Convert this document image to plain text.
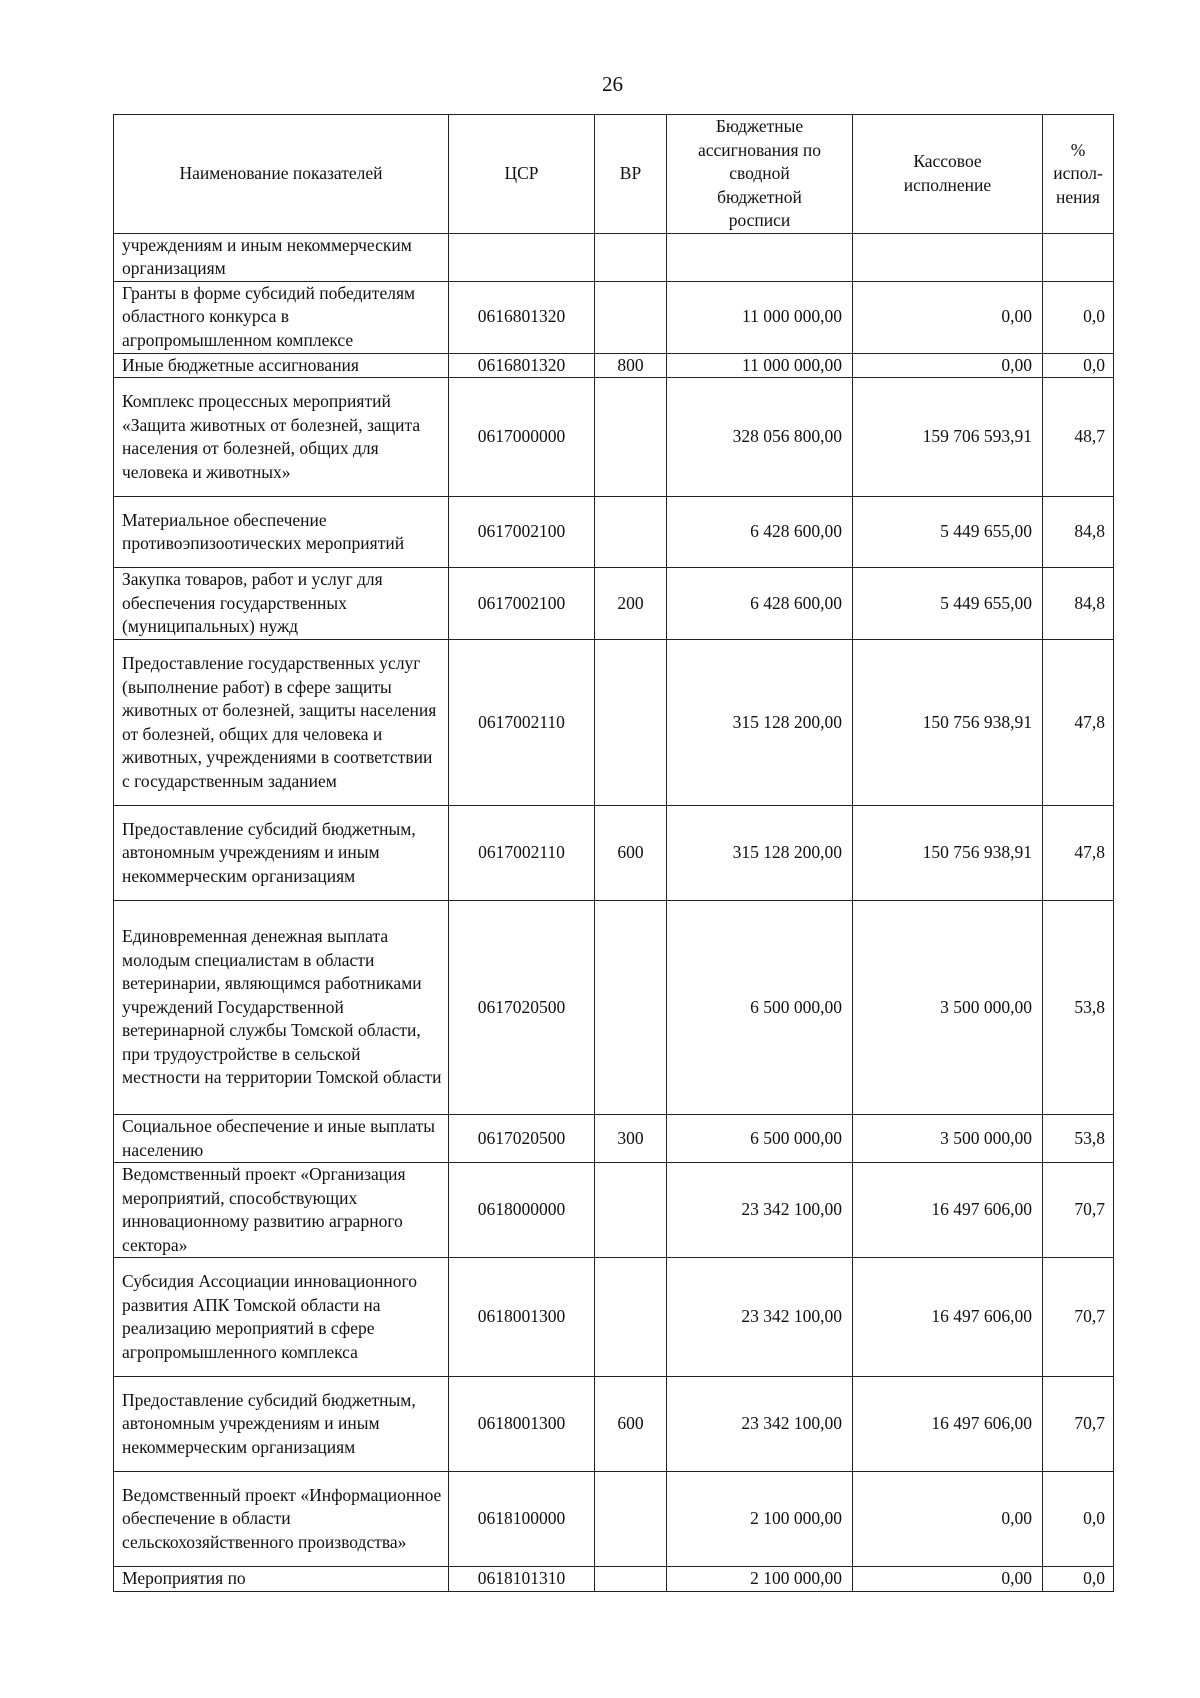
26
Наименование показателей	ЦСР	ВР	Бюджетные ассигнования по сводной бюджетной росписи	Кассовое исполнение	% испол-нения
учреждениям и иным некоммерческим организациям					
Гранты в форме субсидий победителям областного конкурса в агропромышленном комплексе	0616801320		11 000 000,00	0,00	0,0
Иные бюджетные ассигнования	0616801320	800	11 000 000,00	0,00	0,0
Комплекс процессных мероприятий «Защита животных от болезней, защита населения от болезней, общих для человека и животных»	0617000000		328 056 800,00	159 706 593,91	48,7
Материальное обеспечение противоэпизоотических мероприятий	0617002100		6 428 600,00	5 449 655,00	84,8
Закупка товаров, работ и услуг для обеспечения государственных (муниципальных) нужд	0617002100	200	6 428 600,00	5 449 655,00	84,8
Предоставление государственных услуг (выполнение работ) в сфере защиты животных от болезней, защиты населения от болезней, общих для человека и животных, учреждениями в соответствии с государственным заданием	0617002110		315 128 200,00	150 756 938,91	47,8
Предоставление субсидий бюджетным, автономным учреждениям и иным некоммерческим организациям	0617002110	600	315 128 200,00	150 756 938,91	47,8
Единовременная денежная выплата молодым специалистам в области ветеринарии, являющимся работниками учреждений Государственной ветеринарной службы Томской области, при трудоустройстве в сельской местности на территории Томской области	0617020500		6 500 000,00	3 500 000,00	53,8
Социальное обеспечение и иные выплаты населению	0617020500	300	6 500 000,00	3 500 000,00	53,8
Ведомственный проект «Организация мероприятий, способствующих инновационному развитию аграрного сектора»	0618000000		23 342 100,00	16 497 606,00	70,7
Субсидия Ассоциации инновационного развития АПК Томской области на реализацию мероприятий в сфере агропромышленного комплекса	0618001300		23 342 100,00	16 497 606,00	70,7
Предоставление субсидий бюджетным, автономным учреждениям и иным некоммерческим организациям	0618001300	600	23 342 100,00	16 497 606,00	70,7
Ведомственный проект «Информационное обеспечение в области сельскохозяйственного производства»	0618100000		2 100 000,00	0,00	0,0
Мероприятия по	0618101310		2 100 000,00	0,00	0,0
